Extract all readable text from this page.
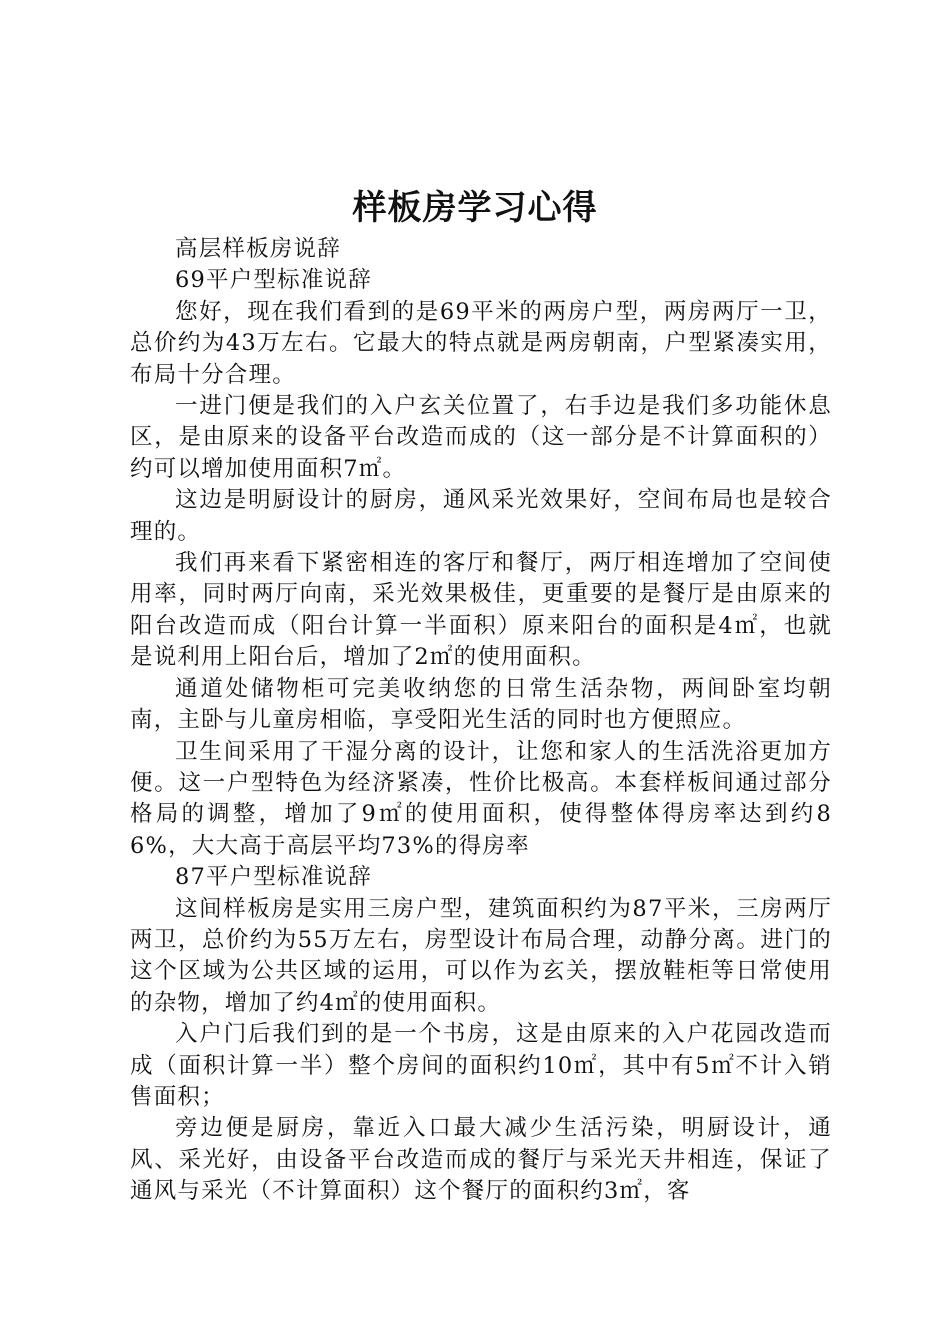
样板房学习心得

高层样板房说辞

69平户型标准说辞

您好，现在我们看到的是69平米的两房户型，两房两厅一卫，总价约为43万左右。它最大的特点就是两房朝南，户型紧凑实用，布局十分合理。

一进门便是我们的入户玄关位置了，右手边是我们多功能休息区，是由原来的设备平台改造而成的（这一部分是不计算面积的）约可以增加使用面积7㎡。

这边是明厨设计的厨房，通风采光效果好，空间布局也是较合理的。

我们再来看下紧密相连的客厅和餐厅，两厅相连增加了空间使用率，同时两厅向南，采光效果极佳，更重要的是餐厅是由原来的阳台改造而成（阳台计算一半面积）原来阳台的面积是4㎡，也就是说利用上阳台后，增加了2㎡的使用面积。

通道处储物柜可完美收纳您的日常生活杂物，两间卧室均朝南，主卧与儿童房相临，享受阳光生活的同时也方便照应。

卫生间采用了干湿分离的设计，让您和家人的生活洗浴更加方便。这一户型特色为经济紧凑，性价比极高。本套样板间通过部分格局的调整，增加了9㎡的使用面积，使得整体得房率达到约86%，大大高于高层平均73%的得房率

87平户型标准说辞

这间样板房是实用三房户型，建筑面积约为87平米，三房两厅两卫，总价约为55万左右，房型设计布局合理，动静分离。进门的这个区域为公共区域的运用，可以作为玄关，摆放鞋柜等日常使用的杂物，增加了约4㎡的使用面积。

入户门后我们到的是一个书房，这是由原来的入户花园改造而成（面积计算一半）整个房间的面积约10㎡，其中有5㎡不计入销售面积；

旁边便是厨房，靠近入口最大减少生活污染，明厨设计，通风、采光好，由设备平台改造而成的餐厅与采光天井相连，保证了通风与采光（不计算面积）这个餐厅的面积约3㎡，客
